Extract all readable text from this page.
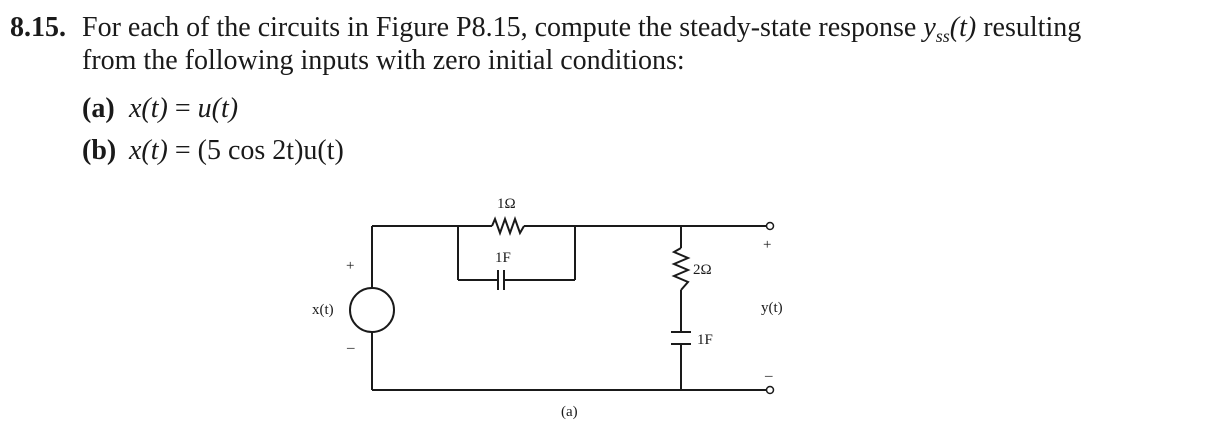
8.15. For each of the circuits in Figure P8.15, compute the steady-state response $y_{ss}(t)$ resulting
from the following inputs with zero initial conditions:
(a) x(t) = u(t)
(b) x(t) = (5 cos 2t)u(t)
1Ω
1F
2Ω
1F
x(t)
+
–
+
–
y(t)
(a)
